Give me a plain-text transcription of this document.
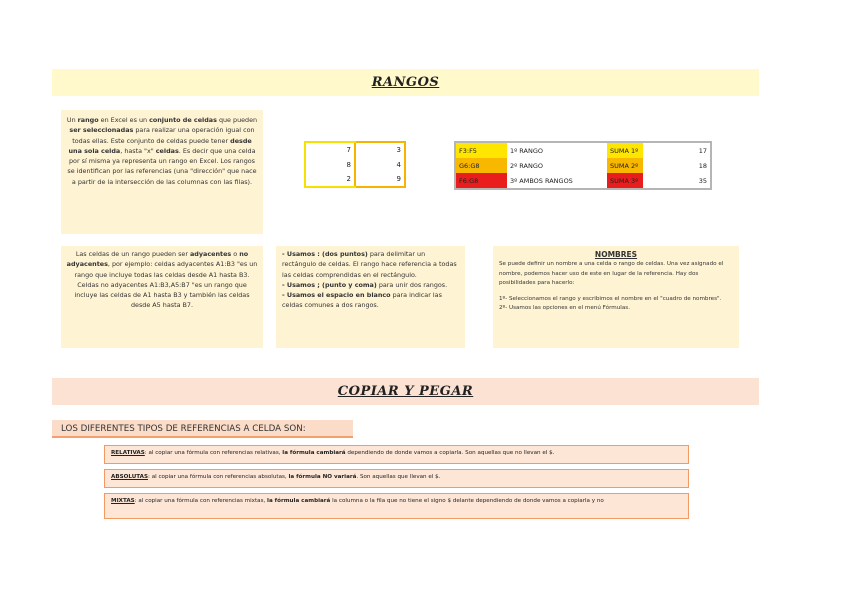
RANGOS
Un rango en Excel es un conjunto de celdas que pueden ser seleccionadas para realizar una operación igual con todas ellas. Este conjunto de celdas puede tener desde una sola celda, hasta "x" celdas. Es decir que una celda por sí misma ya representa un rango en Excel. Los rangos se identifican por las referencias (una "dirección" que nace a partir de la intersección de las columnas con las filas).
7	3
8	4
2	9
F3:F5	1º RANGO	SUMA 1º	17
G6:G8	2º RANGO	SUMA 2º	18
F6:G8	3º AMBOS RANGOS	SUMA 3º	35
Las celdas de un rango pueden ser adyacentes o no adyacentes, por ejemplo: celdas adyacentes A1:B3 "es un rango que incluye todas las celdas desde A1 hasta B3. Celdas no adyacentes A1:B3,A5:B7 "es un rango que incluye las celdas de A1 hasta B3 y también las celdas desde A5 hasta B7.
- Usamos : (dos puntos) para delimitar un rectángulo de celdas. El rango hace referencia a todas las celdas comprendidas en el rectángulo.
- Usamos ; (punto y coma) para unir dos rangos.
- Usamos el espacio en blanco para indicar las celdas comunes a dos rangos.
NOMBRES
Se puede definir un nombre a una celda o rango de celdas. Una vez asignado el nombre, podemos hacer uso de este en lugar de la referencia. Hay dos posibilidades para hacerlo:
1º- Seleccionamos el rango y escribimos el nombre en el "cuadro de nombres".
2º- Usamos las opciones en el menú Fórmulas.
COPIAR Y PEGAR
LOS DIFERENTES TIPOS DE REFERENCIAS A CELDA SON:
RELATIVAS: al copiar una fórmula con referencias relativas, la fórmula cambiará dependiendo de donde vamos a copiarla. Son aquellas que no llevan el $.
ABSOLUTAS: al copiar una fórmula con referencias absolutas, la fórmula NO variará. Son aquellas que llevan el $.
MIXTAS: al copiar una fórmula con referencias mixtas, la fórmula cambiará la columna o la fila que no tiene el signo $ delante dependiendo de donde vamos a copiarla y no
